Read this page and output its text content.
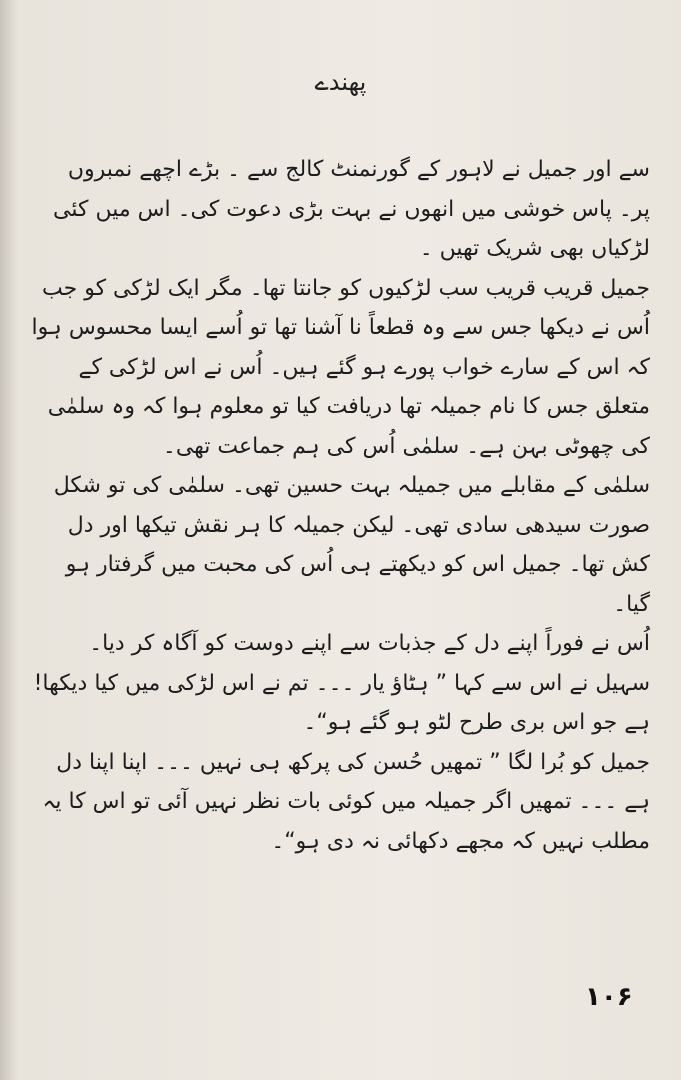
پھندے

سے اور جمیل نے لاہور کے گورنمنٹ کالج سے ۔ بڑے اچھے نمبروں پر۔ پاس خوشی میں انھوں نے بہت بڑی دعوت کی۔ اس میں کئی لڑکیاں بھی شریک تھیں ۔

جمیل قریب قریب سب لڑکیوں کو جانتا تھا۔ مگر ایک لڑکی کو جب اُس نے دیکھا جس سے وہ قطعاً نا آشنا تھا تو اُسے ایسا محسوس ہوا کہ اس کے سارے خواب پورے ہو گئے ہیں۔ اُس نے اس لڑکی کے متعلق جس کا نام جمیلہ تھا دریافت کیا تو معلوم ہوا کہ وہ سلمٰی کی چھوٹی بہن ہے۔ سلمٰی اُس کی ہم جماعت تھی۔

سلمٰی کے مقابلے میں جمیلہ بہت حسین تھی۔ سلمٰی کی تو شکل صورت سیدھی سادی تھی۔ لیکن جمیلہ کا ہر نقش تیکھا اور دل کش تھا۔ جمیل اس کو دیکھتے ہی اُس کی محبت میں گرفتار ہو گیا۔

اُس نے فوراً اپنے دل کے جذبات سے اپنے دوست کو آگاہ کر دیا۔ سہیل نے اس سے کہا ” ہٹاؤ یار ۔۔۔ تم نے اس لڑکی میں کیا دیکھا! ہے جو اس بری طرح لٹو ہو گئے ہو“۔

جمیل کو بُرا لگا ” تمھیں حُسن کی پرکھ ہی نہیں ۔۔۔ اپنا اپنا دل ہے ۔۔۔ تمھیں اگر جمیلہ میں کوئی بات نظر نہیں آئی تو اس کا یہ مطلب نہیں کہ مجھے دکھائی نہ دی ہو“۔

۱۰۶
